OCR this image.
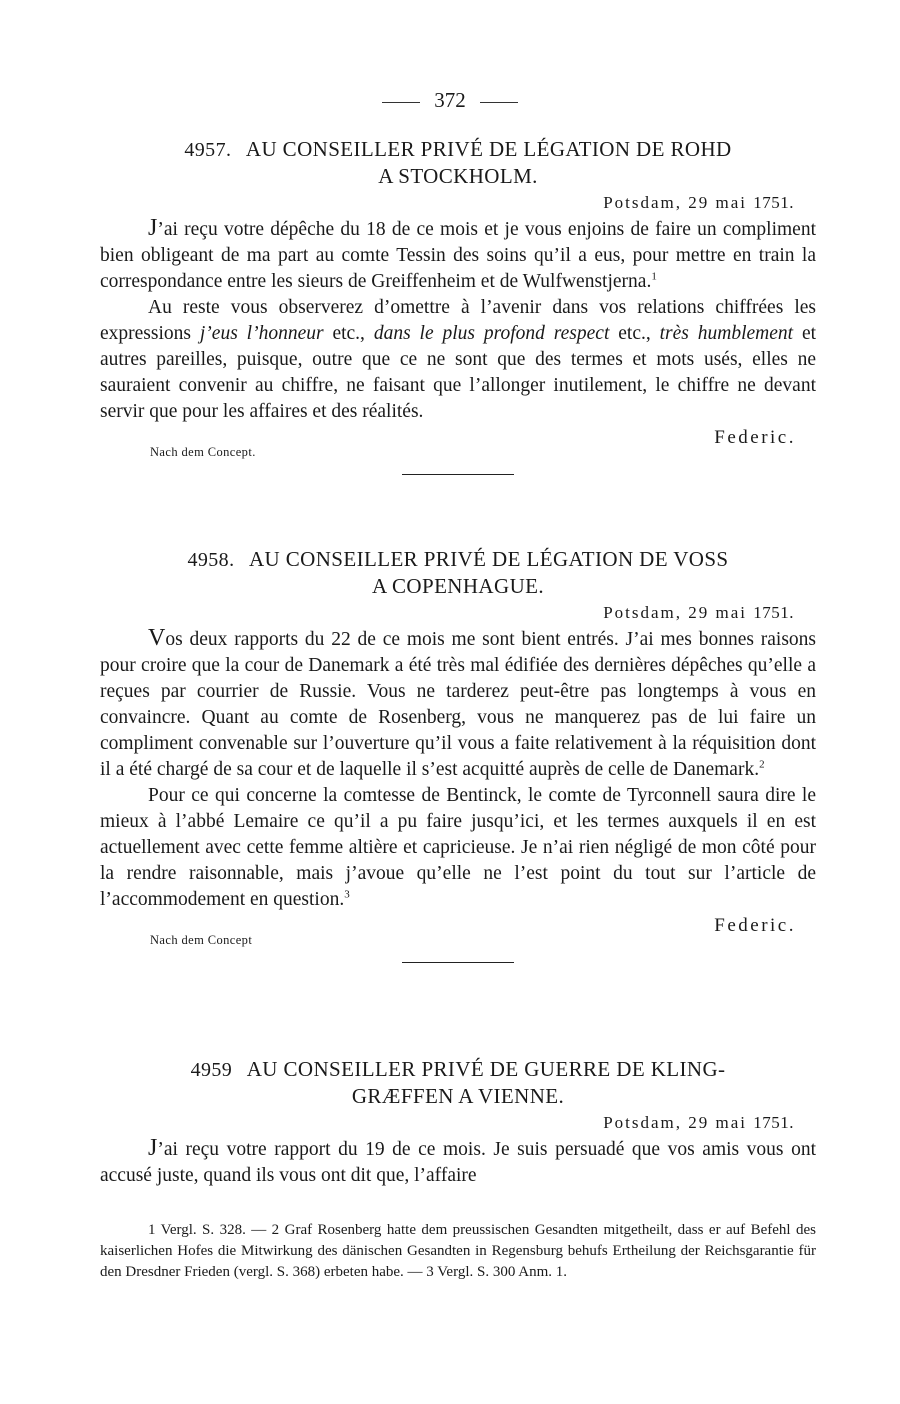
372
4957. AU CONSEILLER PRIVÉ DE LÉGATION DE ROHD
A STOCKHOLM.
Potsdam, 29 mai 1751.

J’ai reçu votre dépêche du 18 de ce mois et je vous enjoins de faire un compliment bien obligeant de ma part au comte Tessin des soins qu’il a eus, pour mettre en train la correspondance entre les sieurs de Greiffenheim et de Wulfwenstjerna.$^1$

Au reste vous observerez d’omettre à l’avenir dans vos relations chiffrées les expressions j’eus l’honneur etc., dans le plus profond respect etc., très humblement et autres pareilles, puisque, outre que ce ne sont que des termes et mots usés, elles ne sauraient convenir au chiffre, ne faisant que l’allonger inutilement, le chiffre ne devant servir que pour les affaires et des réalités.

Federic.
Nach dem Concept.
4958. AU CONSEILLER PRIVÉ DE LÉGATION DE VOSS
A COPENHAGUE.
Potsdam, 29 mai 1751.

Vos deux rapports du 22 de ce mois me sont bient entrés. J’ai mes bonnes raisons pour croire que la cour de Danemark a été très mal édifiée des dernières dépêches qu’elle a reçues par courrier de Russie. Vous ne tarderez peut-être pas longtemps à vous en convaincre. Quant au comte de Rosenberg, vous ne manquerez pas de lui faire un compliment convenable sur l’ouverture qu’il vous a faite relativement à la réquisition dont il a été chargé de sa cour et de laquelle il s’est acquitté auprès de celle de Danemark.$^2$

Pour ce qui concerne la comtesse de Bentinck, le comte de Tyrconnell saura dire le mieux à l’abbé Lemaire ce qu’il a pu faire jusqu’ici, et les termes auxquels il en est actuellement avec cette femme altière et capricieuse. Je n’ai rien négligé de mon côté pour la rendre raisonnable, mais j’avoue qu’elle ne l’est point du tout sur l’article de l’accommodement en question.$^3$

Federic.
Nach dem Concept
4959 AU CONSEILLER PRIVÉ DE GUERRE DE KLING-
GRÆFFEN A VIENNE.
Potsdam, 29 mai 1751.

J’ai reçu votre rapport du 19 de ce mois. Je suis persuadé que vos amis vous ont accusé juste, quand ils vous ont dit que, l’affaire

1 Vergl. S. 328. — 2 Graf Rosenberg hatte dem preussischen Gesandten mitgetheilt, dass er auf Befehl des kaiserlichen Hofes die Mitwirkung des dänischen Gesandten in Regensburg behufs Ertheilung der Reichsgarantie für den Dresdner Frieden (vergl. S. 368) erbeten habe. — 3 Vergl. S. 300 Anm. 1.
